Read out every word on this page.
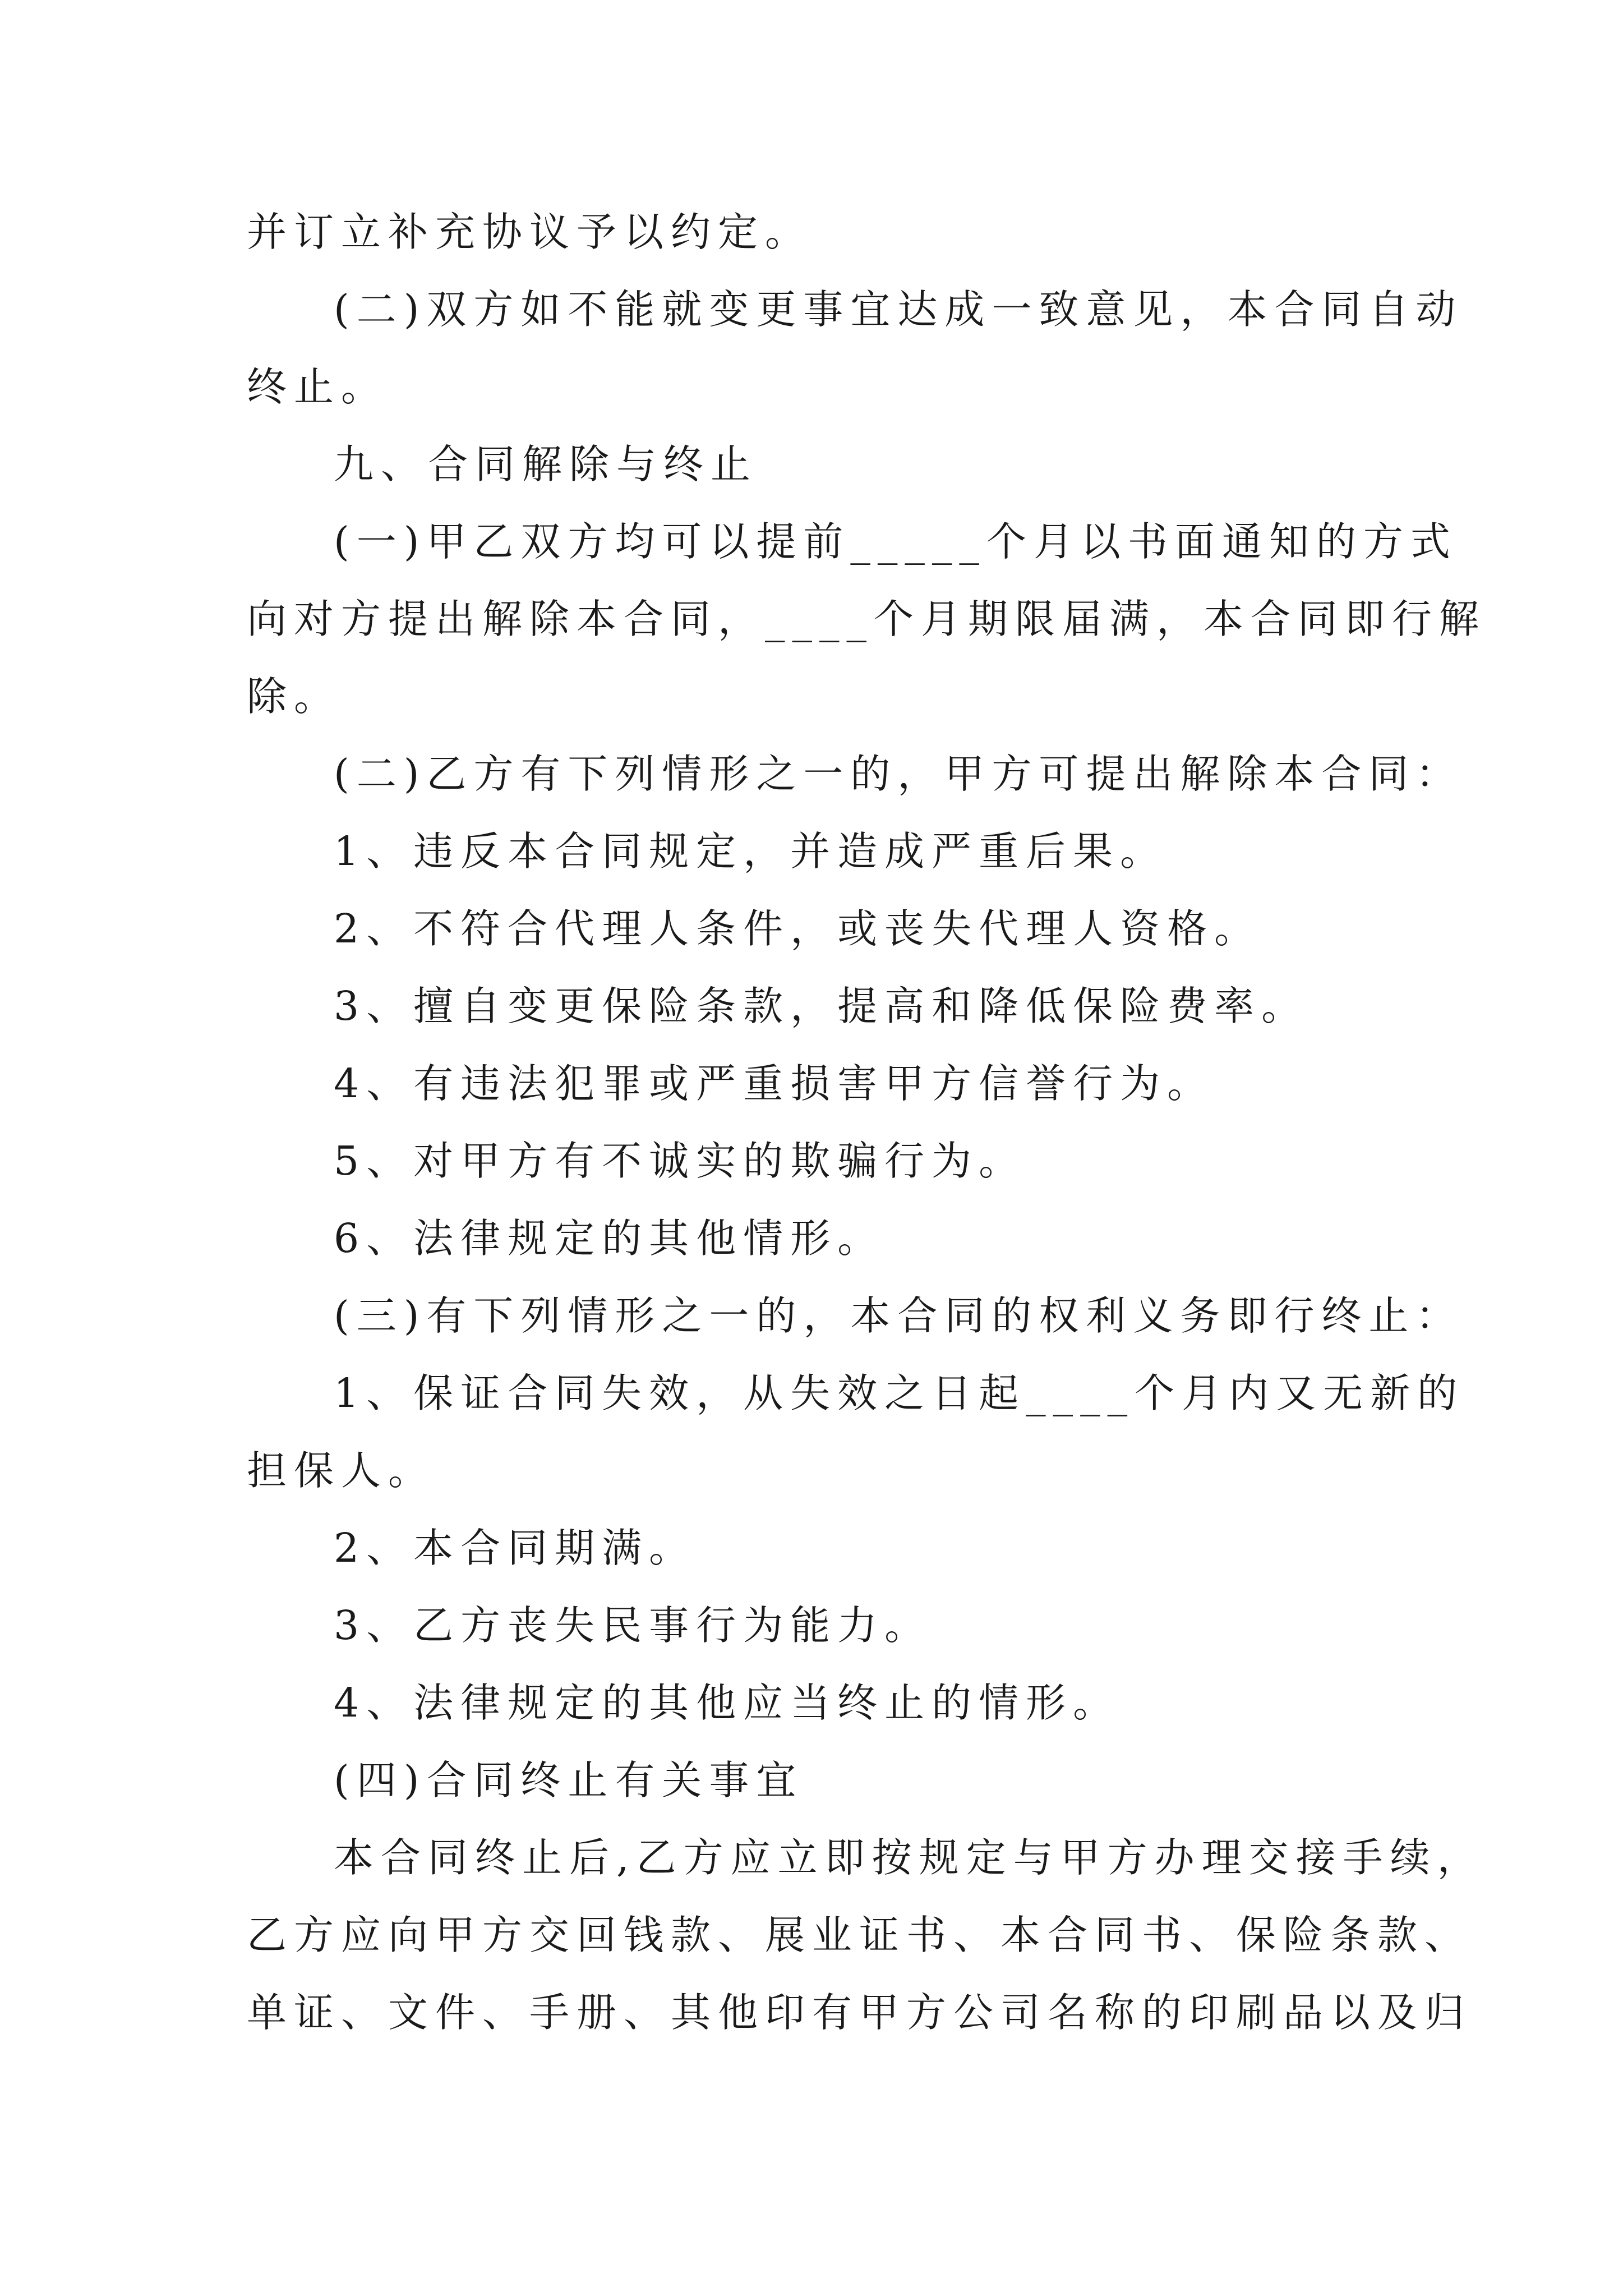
并订立补充协议予以约定。

(二)双方如不能就变更事宜达成一致意见，本合同自动

终止。

九、合同解除与终止

(一)甲乙双方均可以提前_____个月以书面通知的方式

向对方提出解除本合同，____个月期限届满，本合同即行解

除。

(二)乙方有下列情形之一的，甲方可提出解除本合同：

1、违反本合同规定，并造成严重后果。

2、不符合代理人条件，或丧失代理人资格。

3、擅自变更保险条款，提高和降低保险费率。

4、有违法犯罪或严重损害甲方信誉行为。

5、对甲方有不诚实的欺骗行为。

6、法律规定的其他情形。

(三)有下列情形之一的，本合同的权利义务即行终止：

1、保证合同失效，从失效之日起____个月内又无新的

担保人。

2、本合同期满。

3、乙方丧失民事行为能力。

4、法律规定的其他应当终止的情形。

(四)合同终止有关事宜

本合同终止后,乙方应立即按规定与甲方办理交接手续，

乙方应向甲方交回钱款、展业证书、本合同书、保险条款、

单证、文件、手册、其他印有甲方公司名称的印刷品以及归
